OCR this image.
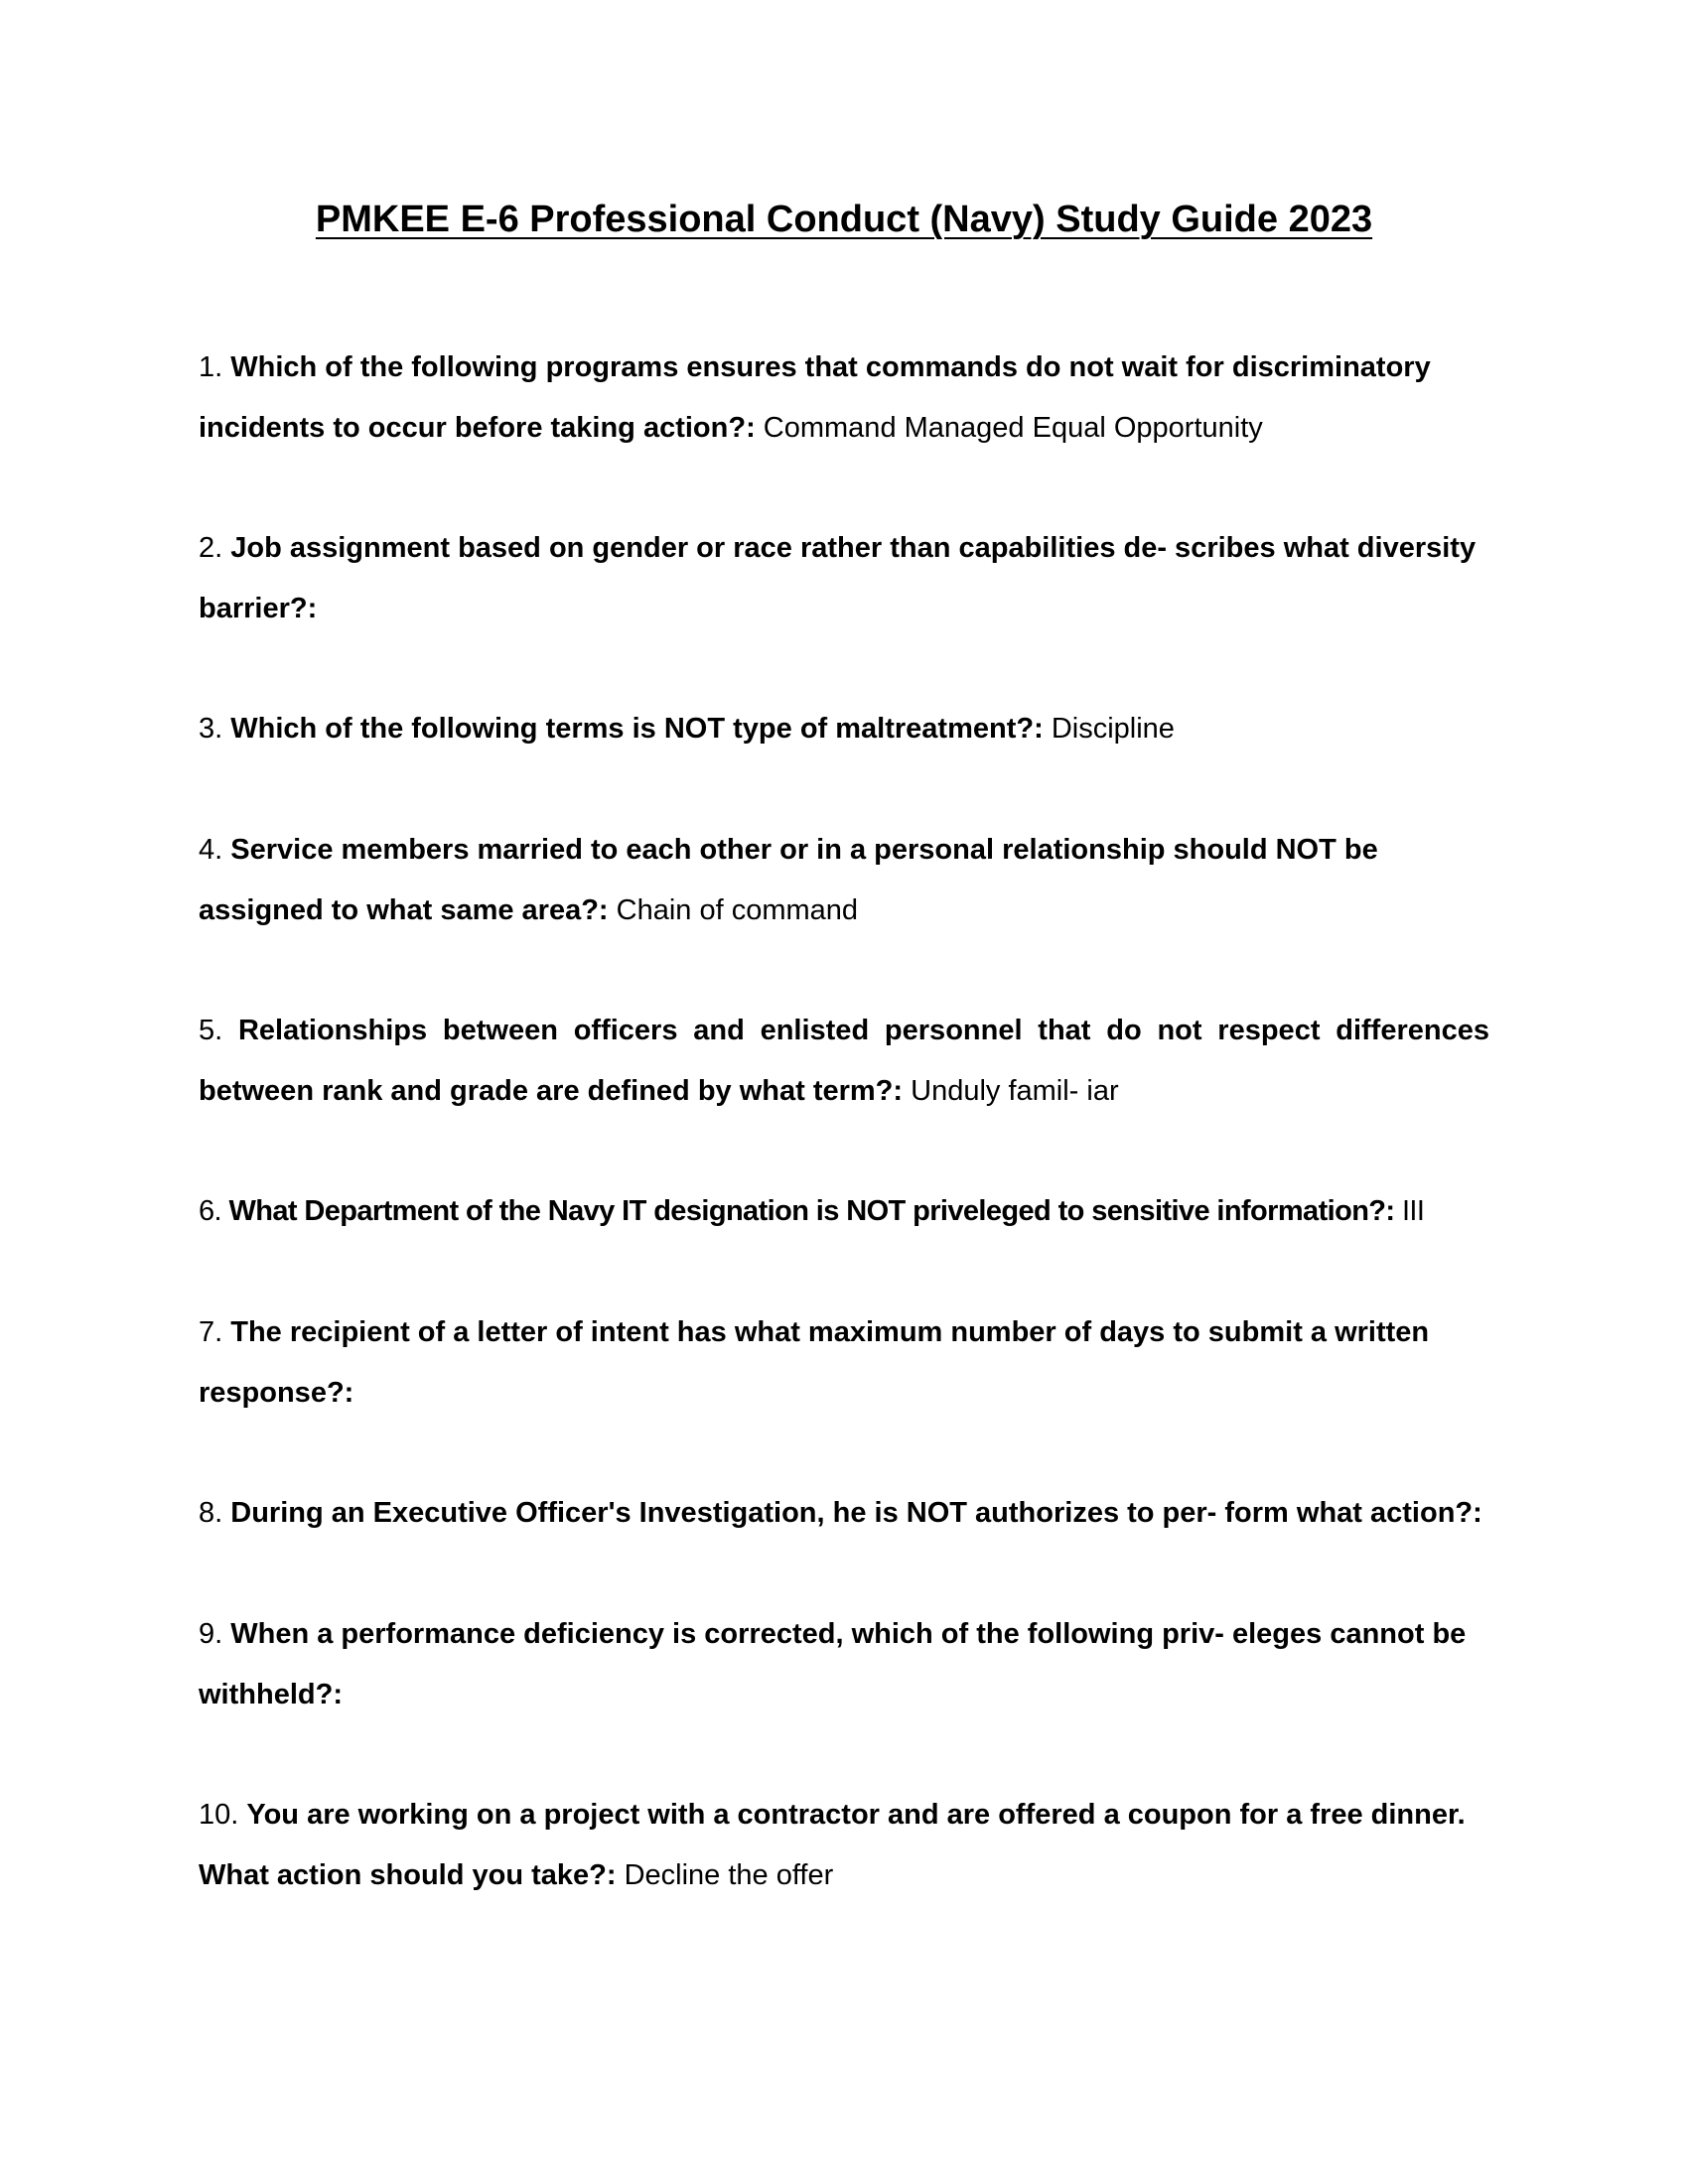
PMKEE E-6 Professional Conduct (Navy) Study Guide 2023
1. Which of the following programs ensures that commands do not wait for discriminatory incidents to occur before taking action?: Command Managed Equal Opportunity
2. Job assignment based on gender or race rather than capabilities de- scribes what diversity barrier?:
3. Which of the following terms is NOT type of maltreatment?: Discipline
4. Service members married to each other or in a personal relationship should NOT be assigned to what same area?: Chain of command
5. Relationships between officers and enlisted personnel that do not respect differences between rank and grade are defined by what term?: Unduly famil- iar
6. What Department of the Navy IT designation is NOT priveleged to sensitive information?: III
7. The recipient of a letter of intent has what maximum number of days to submit a written response?:
8. During an Executive Officer's Investigation, he is NOT authorizes to per- form what action?:
9. When a performance deficiency is corrected, which of the following priv- eleges cannot be withheld?:
10. You are working on a project with a contractor and are offered a coupon for a free dinner. What action should you take?: Decline the offer
